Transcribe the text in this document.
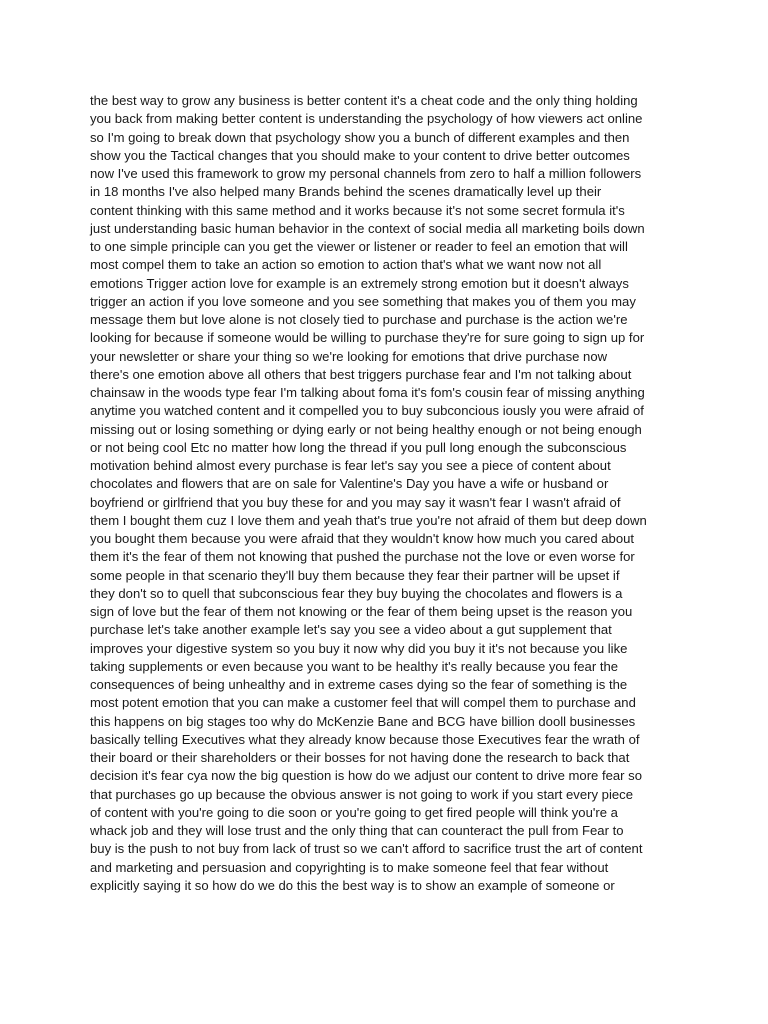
the best way to grow any business is better content it's a cheat code and the only thing holding
you back from making better content is understanding the psychology of how viewers act online
so I'm going to break down that psychology show you a bunch of different examples and then
show you the Tactical changes that you should make to your content to drive better outcomes
now I've used this framework to grow my personal channels from zero to half a million followers
in 18 months I've also helped many Brands behind the scenes dramatically level up their
content thinking with this same method and it works because it's not some secret formula it's
just understanding basic human behavior in the context of social media all marketing boils down
to one simple principle can you get the viewer or listener or reader to feel an emotion that will
most compel them to take an action so emotion to action that's what we want now not all
emotions Trigger action love for example is an extremely strong emotion but it doesn't always
trigger an action if you love someone and you see something that makes you of them you may
message them but love alone is not closely tied to purchase and purchase is the action we're
looking for because if someone would be willing to purchase they're for sure going to sign up for
your newsletter or share your thing so we're looking for emotions that drive purchase now
there's one emotion above all others that best triggers purchase fear and I'm not talking about
chainsaw in the woods type fear I'm talking about foma it's fom's cousin fear of missing anything
anytime you watched content and it compelled you to buy subconcious iously you were afraid of
missing out or losing something or dying early or not being healthy enough or not being enough
or not being cool Etc no matter how long the thread if you pull long enough the subconscious
motivation behind almost every purchase is fear let's say you see a piece of content about
chocolates and flowers that are on sale for Valentine's Day you have a wife or husband or
boyfriend or girlfriend that you buy these for and you may say it wasn't fear I wasn't afraid of
them I bought them cuz I love them and yeah that's true you're not afraid of them but deep down
you bought them because you were afraid that they wouldn't know how much you cared about
them it's the fear of them not knowing that pushed the purchase not the love or even worse for
some people in that scenario they'll buy them because they fear their partner will be upset if
they don't so to quell that subconscious fear they buy buying the chocolates and flowers is a
sign of love but the fear of them not knowing or the fear of them being upset is the reason you
purchase let's take another example let's say you see a video about a gut supplement that
improves your digestive system so you buy it now why did you buy it it's not because you like
taking supplements or even because you want to be healthy it's really because you fear the
consequences of being unhealthy and in extreme cases dying so the fear of something is the
most potent emotion that you can make a customer feel that will compel them to purchase and
this happens on big stages too why do McKenzie Bane and BCG have billion dooll businesses
basically telling Executives what they already know because those Executives fear the wrath of
their board or their shareholders or their bosses for not having done the research to back that
decision it's fear cya now the big question is how do we adjust our content to drive more fear so
that purchases go up because the obvious answer is not going to work if you start every piece
of content with you're going to die soon or you're going to get fired people will think you're a
whack job and they will lose trust and the only thing that can counteract the pull from Fear to
buy is the push to not buy from lack of trust so we can't afford to sacrifice trust the art of content
and marketing and persuasion and copyrighting is to make someone feel that fear without
explicitly saying it so how do we do this the best way is to show an example of someone or
